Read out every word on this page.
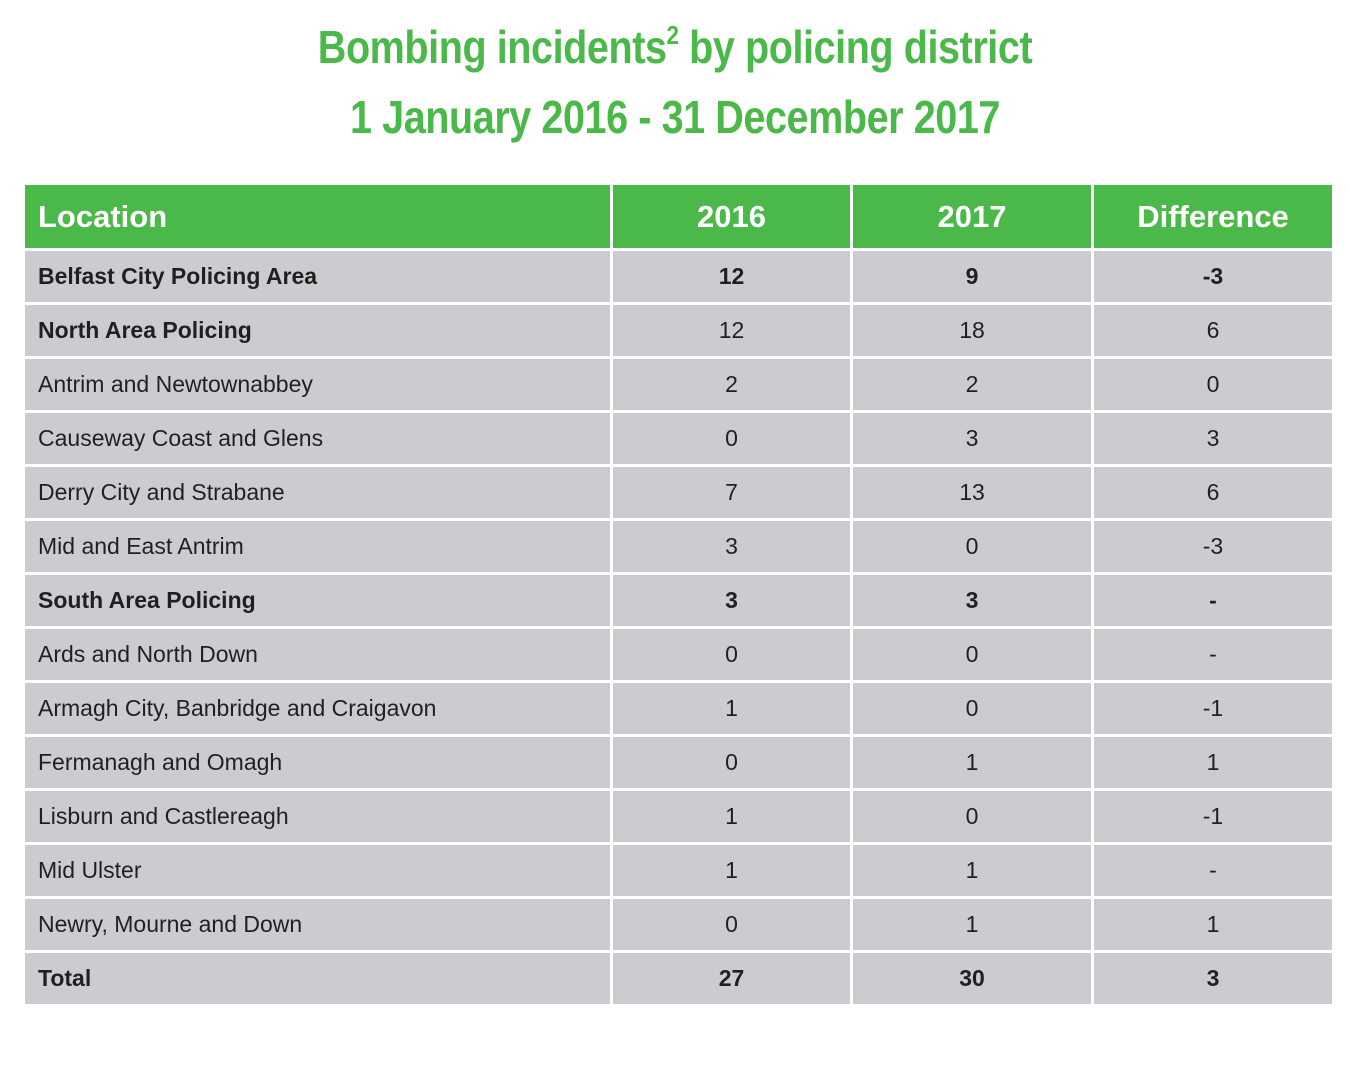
Bombing incidents$^2$ by policing district
1 January 2016 - 31 December 2017
Location	2016	2017	Difference
Belfast City Policing Area	12	9	-3
North Area Policing	12	18	6
Antrim and Newtownabbey	2	2	0
Causeway Coast and Glens	0	3	3
Derry City and Strabane	7	13	6
Mid and East Antrim	3	0	-3
South Area Policing	3	3	-
Ards and North Down	0	0	-
Armagh City, Banbridge and Craigavon	1	0	-1
Fermanagh and Omagh	0	1	1
Lisburn and Castlereagh	1	0	-1
Mid Ulster	1	1	-
Newry, Mourne and Down	0	1	1
Total	27	30	3
